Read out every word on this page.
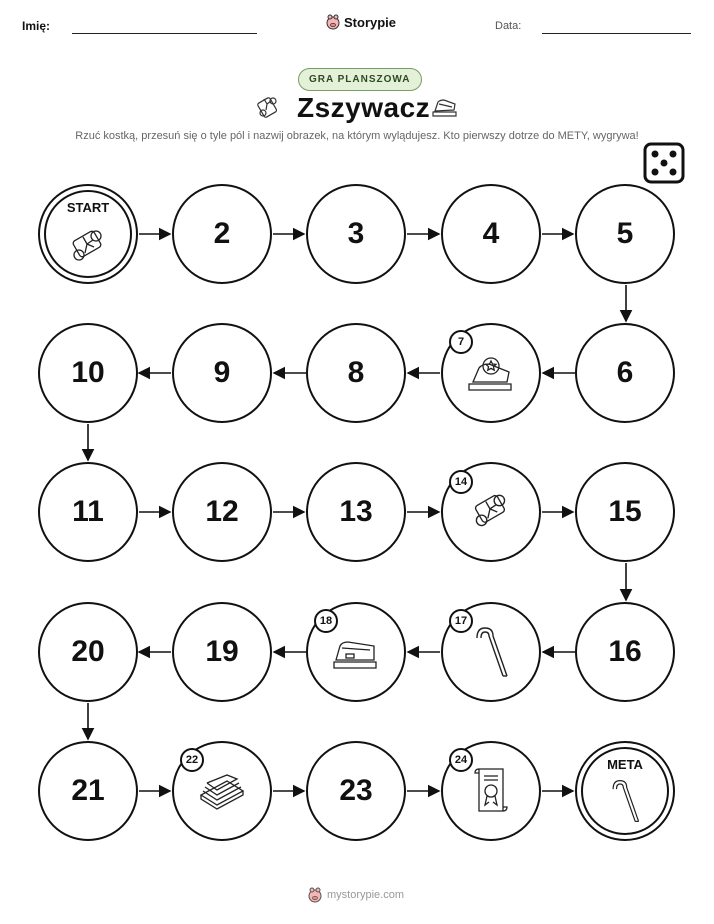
Imię:	Storypie	Data:
GRA PLANSZOWA
Zszywacz
Rzuć kostką, przesuń się o tyle pól i nazwij obrazek, na którym wylądujesz. Kto pierwszy dotrze do METY, wygrywa!
START
2	3	4	5
10	9	8
7
6
11	12	13
14
15
20	19
18	17
16
21
22
23
24	META
mystorypie.com
